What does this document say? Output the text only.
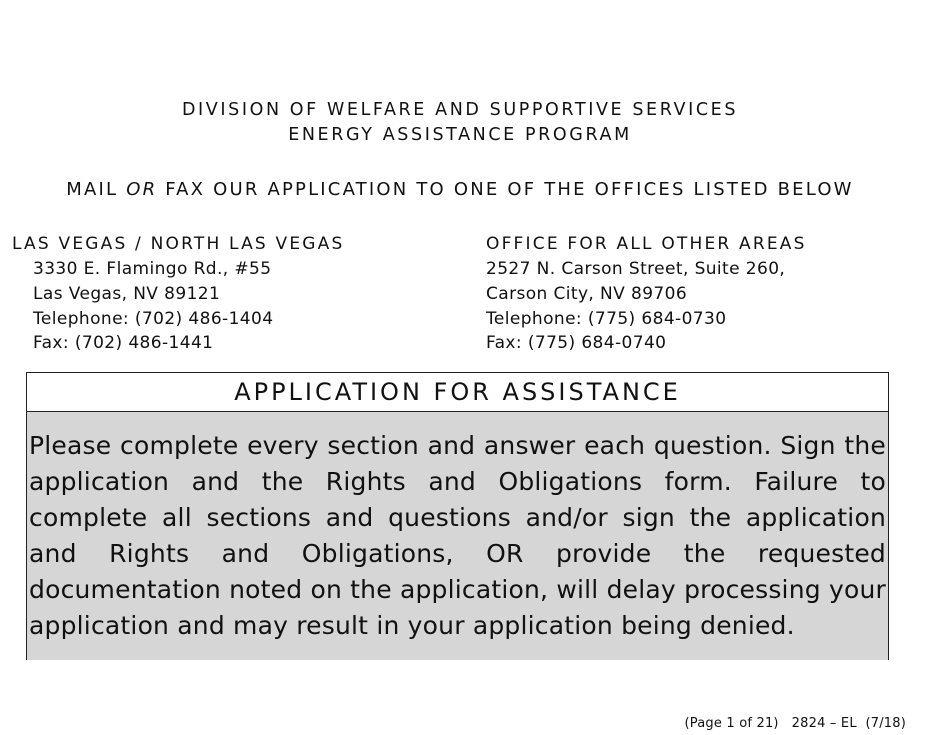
DIVISION OF WELFARE AND SUPPORTIVE SERVICES
ENERGY ASSISTANCE PROGRAM
MAIL OR FAX OUR APPLICATION TO ONE OF THE OFFICES LISTED BELOW
LAS VEGAS / NORTH LAS VEGAS
3330 E. Flamingo Rd., #55
Las Vegas, NV 89121
Telephone: (702) 486-1404
Fax: (702) 486-1441
OFFICE FOR ALL OTHER AREAS
2527 N. Carson Street, Suite 260,
Carson City, NV 89706
Telephone: (775) 684-0730
Fax: (775) 684-0740
APPLICATION FOR ASSISTANCE
Please complete every section and answer each question. Sign the application and the Rights and Obligations form. Failure to complete all sections and questions and/or sign the application and Rights and Obligations, OR provide the requested documentation noted on the application, will delay processing your application and may result in your application being denied.
(Page 1 of 21)   2824 – EL  (7/18)
